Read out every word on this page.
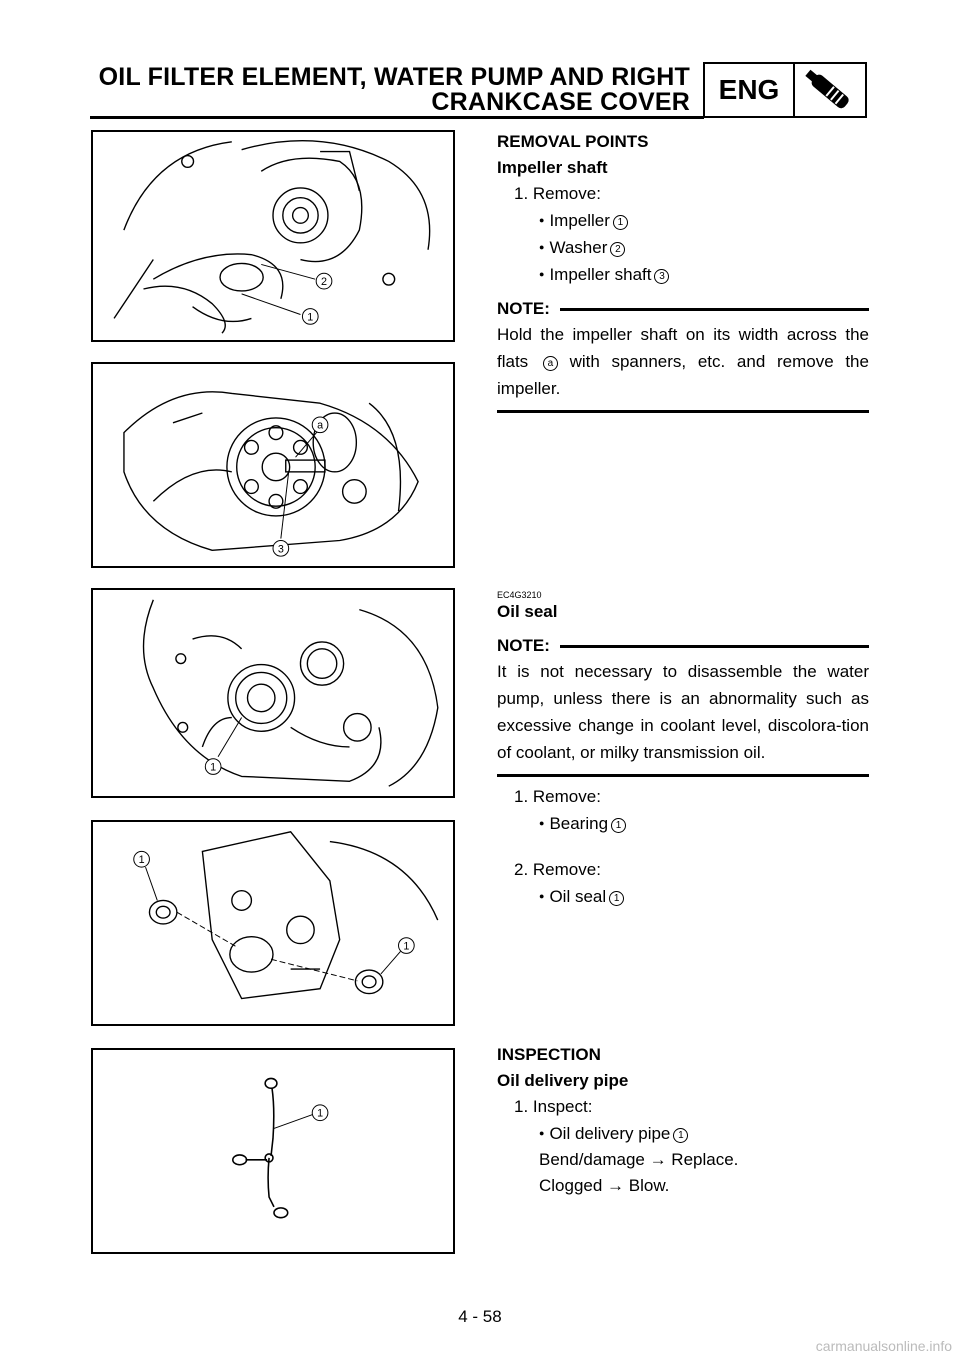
OIL FILTER ELEMENT, WATER PUMP AND RIGHT
CRANKCASE COVER	ENG
2
1
a
3
1
1
1
1
REMOVAL POINTS
Impeller shaft
1. Remove:
● Impeller 1
● Washer 2
● Impeller shaft 3
NOTE:
Hold the impeller shaft on its width across the flats a with spanners, etc. and remove the impeller.
EC4G3210
Oil seal
NOTE:
It is not necessary to disassemble the water pump, unless there is an abnormality such as excessive change in coolant level, discolora-tion of coolant, or milky transmission oil.
1. Remove:
● Bearing 1
2. Remove:
● Oil seal 1
INSPECTION
Oil delivery pipe
1. Inspect:
● Oil delivery pipe 1
Bend/damage → Replace.
Clogged → Blow.
4 - 58
carmanualsonline.info
